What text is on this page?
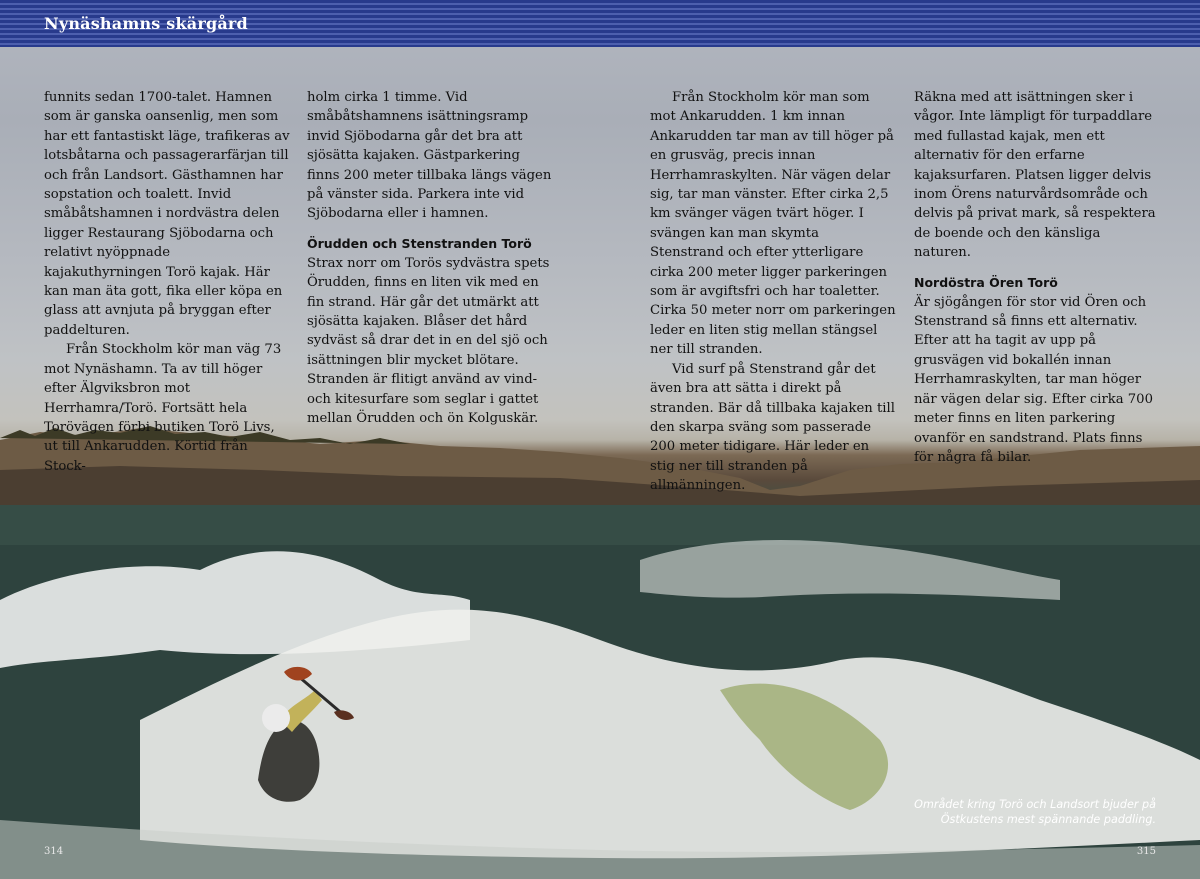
Nynäshamns skärgård

funnits sedan 1700-talet. Hamnen som är ganska oansenlig, men som har ett fantastiskt läge, trafikeras av lotsbåtarna och passagerarfärjan till och från Landsort. Gästhamnen har sopstation och toalett. Invid småbåtshamnen i nordvästra delen ligger Restaurang Sjöbodarna och relativt nyöppnade kajakuthyrningen Torö kajak. Här kan man äta gott, fika eller köpa en glass att avnjuta på bryggan efter paddelturen.

Från Stockholm kör man väg 73 mot Nynäshamn. Ta av till höger efter Älgviksbron mot Herrhamra/Torö. Fortsätt hela Torövägen förbi butiken Torö Livs, ut till Ankarudden. Körtid från Stock-

holm cirka 1 timme. Vid småbåtshamnens isättningsramp invid Sjöbodarna går det bra att sjösätta kajaken. Gästparkering finns 200 meter tillbaka längs vägen på vänster sida. Parkera inte vid Sjöbodarna eller i hamnen.

Örudden och Stenstranden Torö

Strax norr om Torös sydvästra spets Örudden, finns en liten vik med en fin strand. Här går det utmärkt att sjösätta kajaken. Blåser det hård sydväst så drar det in en del sjö och isättningen blir mycket blötare. Stranden är flitigt använd av vind- och kitesurfare som seglar i gattet mellan Örudden och ön Kolguskär.

Från Stockholm kör man som mot Ankarudden. 1 km innan Ankarudden tar man av till höger på en grusväg, precis innan Herrhamraskylten. När vägen delar sig, tar man vänster. Efter cirka 2,5 km svänger vägen tvärt höger. I svängen kan man skymta Stenstrand och efter ytterligare cirka 200 meter ligger parkeringen som är avgiftsfri och har toaletter. Cirka 50 meter norr om parkeringen leder en liten stig mellan stängsel ner till stranden.

Vid surf på Stenstrand går det även bra att sätta i direkt på stranden. Bär då tillbaka kajaken till den skarpa sväng som passerade 200 meter tidigare. Här leder en stig ner till stranden på allmänningen.

Räkna med att isättningen sker i vågor. Inte lämpligt för turpaddlare med fullastad kajak, men ett alternativ för den erfarne kajaksurfaren. Platsen ligger delvis inom Örens naturvårdsområde och delvis på privat mark, så respektera de boende och den känsliga naturen.

Nordöstra Ören Torö

Är sjögången för stor vid Ören och Stenstrand så finns ett alternativ. Efter att ha tagit av upp på grusvägen vid bokallén innan Herrhamraskylten, tar man höger när vägen delar sig. Efter cirka 700 meter finns en liten parkering ovanför en sandstrand. Plats finns för några få bilar.

Området kring Torö och Landsort bjuder på Östkustens mest spännande paddling.
314	315
